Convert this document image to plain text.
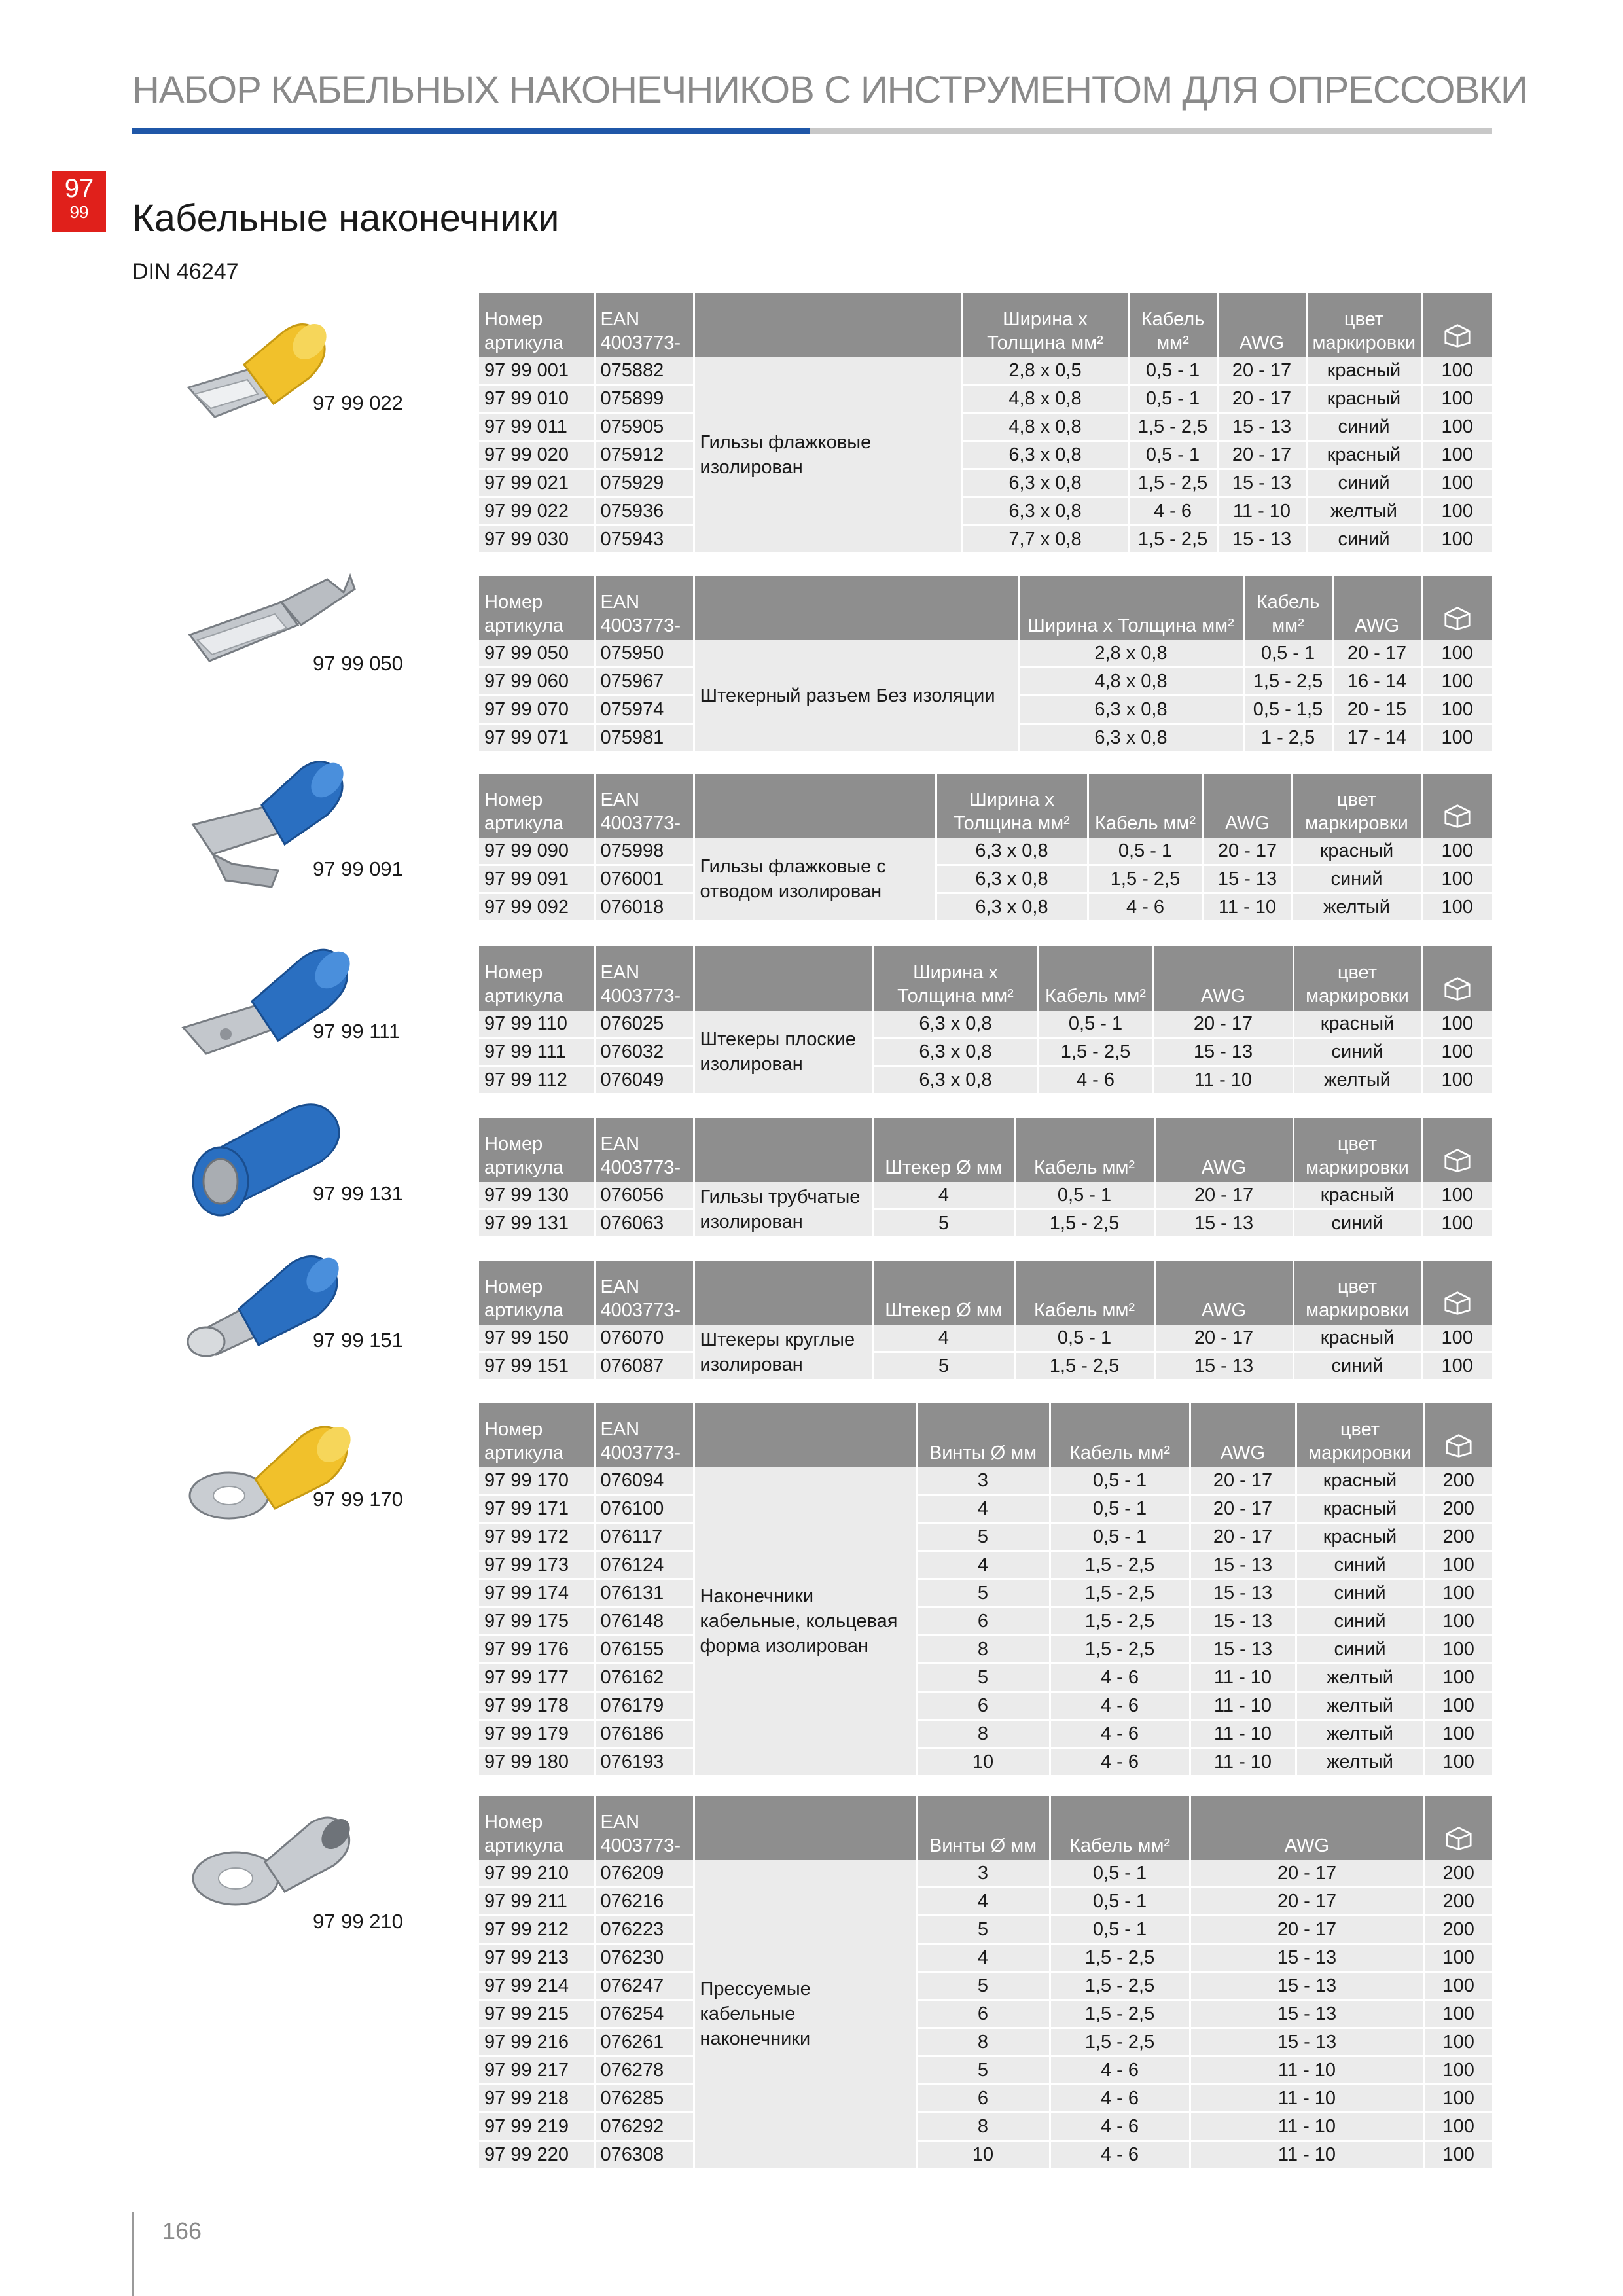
НАБОР КАБЕЛЬНЫХ НАКОНЕЧНИКОВ С ИНСТРУМЕНТОМ ДЛЯ ОПРЕССОВКИ
97
99	Кабельные наконечники
DIN 46247
97 99 022
97 99 050
97 99 091
97 99 111
97 99 131
97 99 151
97 99 170
97 99 210
Номер артикула	EAN 4003773-		Ширина x Толщина мм²	Кабель мм²	AWG	цвет маркировки	
97 99 001	075882	Гильзы флажковые изолирован	2,8 x 0,5	0,5 - 1	20 - 17	красный	100
97 99 010	075899		4,8 x 0,8	0,5 - 1	20 - 17	красный	100
97 99 011	075905		4,8 x 0,8	1,5 - 2,5	15 - 13	синий	100
97 99 020	075912		6,3 x 0,8	0,5 - 1	20 - 17	красный	100
97 99 021	075929		6,3 x 0,8	1,5 - 2,5	15 - 13	синий	100
97 99 022	075936		6,3 x 0,8	4 - 6	11 - 10	желтый	100
97 99 030	075943		7,7 x 0,8	1,5 - 2,5	15 - 13	синий	100
Номер артикула	EAN 4003773-		Ширина x Толщина мм²	Кабель мм²	AWG	
97 99 050	075950	Штекерный разъем Без изоляции	2,8 x 0,8	0,5 - 1	20 - 17	100
97 99 060	075967		4,8 x 0,8	1,5 - 2,5	16 - 14	100
97 99 070	075974		6,3 x 0,8	0,5 - 1,5	20 - 15	100
97 99 071	075981		6,3 x 0,8	1 - 2,5	17 - 14	100
Номер артикула	EAN 4003773-		Ширина x Толщина мм²	Кабель мм²	AWG	цвет маркировки	
97 99 090	075998	Гильзы флажковые с отводом изолирован	6,3 x 0,8	0,5 - 1	20 - 17	красный	100
97 99 091	076001		6,3 x 0,8	1,5 - 2,5	15 - 13	синий	100
97 99 092	076018		6,3 x 0,8	4 - 6	11 - 10	желтый	100
Номер артикула	EAN 4003773-		Ширина x Толщина мм²	Кабель мм²	AWG	цвет маркировки	
97 99 110	076025	Штекеры плоские изолирован	6,3 x 0,8	0,5 - 1	20 - 17	красный	100
97 99 111	076032		6,3 x 0,8	1,5 - 2,5	15 - 13	синий	100
97 99 112	076049		6,3 x 0,8	4 - 6	11 - 10	желтый	100
Номер артикула	EAN 4003773-		Штекер Ø мм	Кабель мм²	AWG	цвет маркировки	
97 99 130	076056	Гильзы трубчатые изолирован	4	0,5 - 1	20 - 17	красный	100
97 99 131	076063		5	1,5 - 2,5	15 - 13	синий	100
Номер артикула	EAN 4003773-		Штекер Ø мм	Кабель мм²	AWG	цвет маркировки	
97 99 150	076070	Штекеры круглые изолирован	4	0,5 - 1	20 - 17	красный	100
97 99 151	076087		5	1,5 - 2,5	15 - 13	синий	100
Номер артикула	EAN 4003773-		Винты Ø мм	Кабель мм²	AWG	цвет маркировки	
97 99 170	076094	Наконечники кабельные, кольцевая форма изолирован	3	0,5 - 1	20 - 17	красный	200
97 99 171	076100		4	0,5 - 1	20 - 17	красный	200
97 99 172	076117		5	0,5 - 1	20 - 17	красный	200
97 99 173	076124		4	1,5 - 2,5	15 - 13	синий	100
97 99 174	076131		5	1,5 - 2,5	15 - 13	синий	100
97 99 175	076148		6	1,5 - 2,5	15 - 13	синий	100
97 99 176	076155		8	1,5 - 2,5	15 - 13	синий	100
97 99 177	076162		5	4 - 6	11 - 10	желтый	100
97 99 178	076179		6	4 - 6	11 - 10	желтый	100
97 99 179	076186		8	4 - 6	11 - 10	желтый	100
97 99 180	076193		10	4 - 6	11 - 10	желтый	100
Номер артикула	EAN 4003773-		Винты Ø мм	Кабель мм²	AWG	
97 99 210	076209	Прессуемые кабельные наконечники	3	0,5 - 1	20 - 17	200
97 99 211	076216		4	0,5 - 1	20 - 17	200
97 99 212	076223		5	0,5 - 1	20 - 17	200
97 99 213	076230		4	1,5 - 2,5	15 - 13	100
97 99 214	076247		5	1,5 - 2,5	15 - 13	100
97 99 215	076254		6	1,5 - 2,5	15 - 13	100
97 99 216	076261		8	1,5 - 2,5	15 - 13	100
97 99 217	076278		5	4 - 6	11 - 10	100
97 99 218	076285		6	4 - 6	11 - 10	100
97 99 219	076292		8	4 - 6	11 - 10	100
97 99 220	076308		10	4 - 6	11 - 10	100
166
